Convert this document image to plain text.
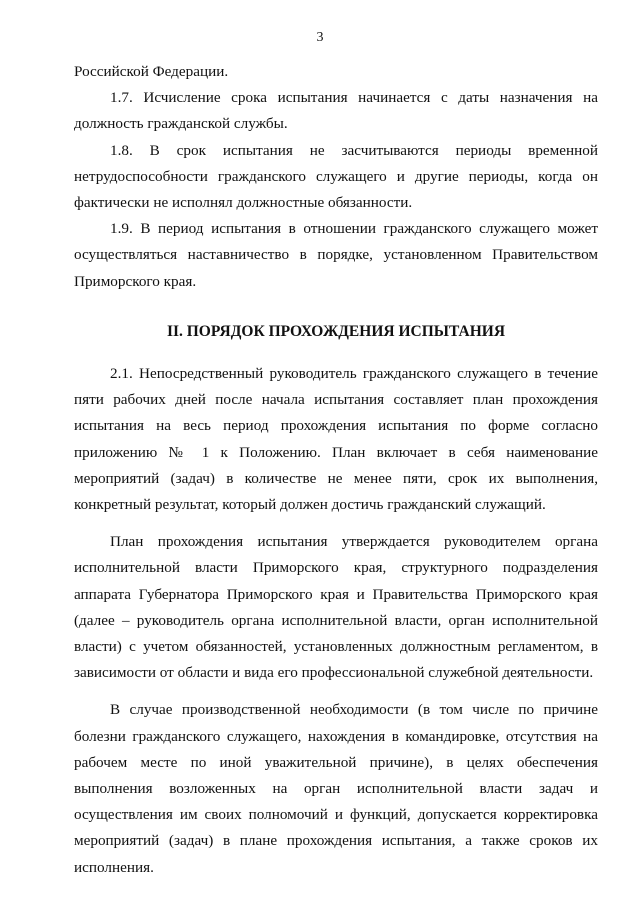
3

Российской Федерации.

1.7. Исчисление срока испытания начинается с даты назначения на должность гражданской службы.

1.8. В срок испытания не засчитываются периоды временной нетрудоспособности гражданского служащего и другие периоды, когда он фактически не исполнял должностные обязанности.

1.9. В период испытания в отношении гражданского служащего может осуществляться наставничество в порядке, установленном Правительством Приморского края.

II. ПОРЯДОК ПРОХОЖДЕНИЯ ИСПЫТАНИЯ

2.1. Непосредственный руководитель гражданского служащего в течение пяти рабочих дней после начала испытания составляет план прохождения испытания на весь период прохождения испытания по форме согласно приложению № 1 к Положению. План включает в себя наименование мероприятий (задач) в количестве не менее пяти, срок их выполнения, конкретный результат, который должен достичь гражданский служащий.

План прохождения испытания утверждается руководителем органа исполнительной власти Приморского края, структурного подразделения аппарата Губернатора Приморского края и Правительства Приморского края (далее – руководитель органа исполнительной власти, орган исполнительной власти) с учетом обязанностей, установленных должностным регламентом, в зависимости от области и вида его профессиональной служебной деятельности.

В случае производственной необходимости (в том числе по причине болезни гражданского служащего, нахождения в командировке, отсутствия на рабочем месте по иной уважительной причине), в целях обеспечения выполнения возложенных на орган исполнительной власти задач и осуществления им своих полномочий и функций, допускается корректировка мероприятий (задач) в плане прохождения испытания, а также сроков их исполнения.
